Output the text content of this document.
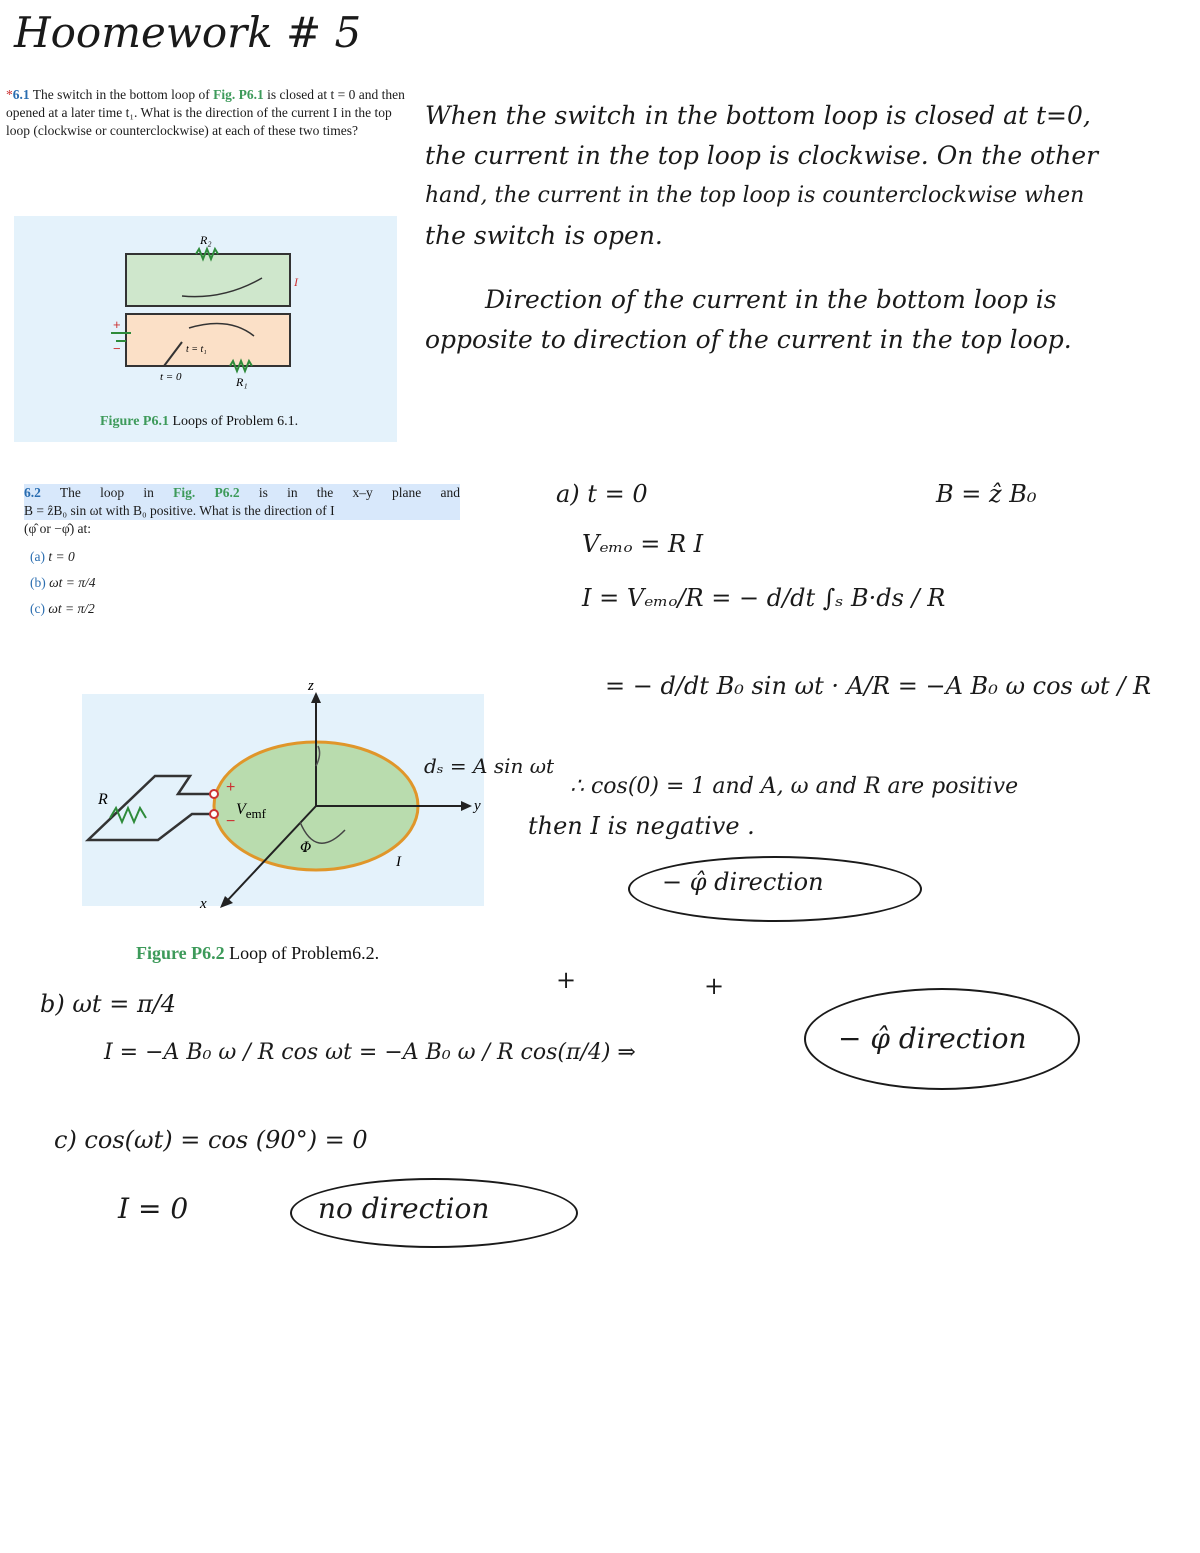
Hoomework # 5
*6.1 The switch in the bottom loop of Fig. P6.1 is closed at t = 0 and then opened at a later time t₁. What is the direction of the current I in the top loop (clockwise or counterclockwise) at each of these two times?
R₂
R₁
I
t = t₁
t = 0
+
−
Figure P6.1 Loops of Problem 6.1.
When the switch in the bottom loop is closed at t=0,
the current in the top loop is clockwise. On the other
hand, the current in the top loop is counterclockwise when
the switch is open.
Direction of the current in the bottom loop is
opposite to direction of the current in the top loop.
6.2 The loop in Fig. P6.2 is in the x–y plane and
B = ẑB₀ sin ωt with B₀ positive. What is the direction of I
(φ̂ or −φ̂) at:
(a) t = 0
(b) ωt = π/4
(c) ωt = π/2
z
y
x
R
$V_{emf}$
+
−
I
Φ
Figure P6.2 Loop of Problem6.2.
a) t = 0	B = ẑ B₀
Vₑₘₒ = R I
I = Vₑₘₒ/R = − d/dt ∫ₛ B·ds / R
= − d/dt B₀ sin ωt · A/R = −A B₀ ω cos ωt / R
dₛ = A sin ωt
∴ cos(0) = 1 and A, ω and R are positive
then I is negative .
− φ̂ direction
b) ωt = π/4
+	+
I = −A B₀ ω / R cos ωt = −A B₀ ω / R cos(π/4) ⇒	− φ̂ direction
c) cos(ωt) = cos (90°) = 0
I = 0	no direction
